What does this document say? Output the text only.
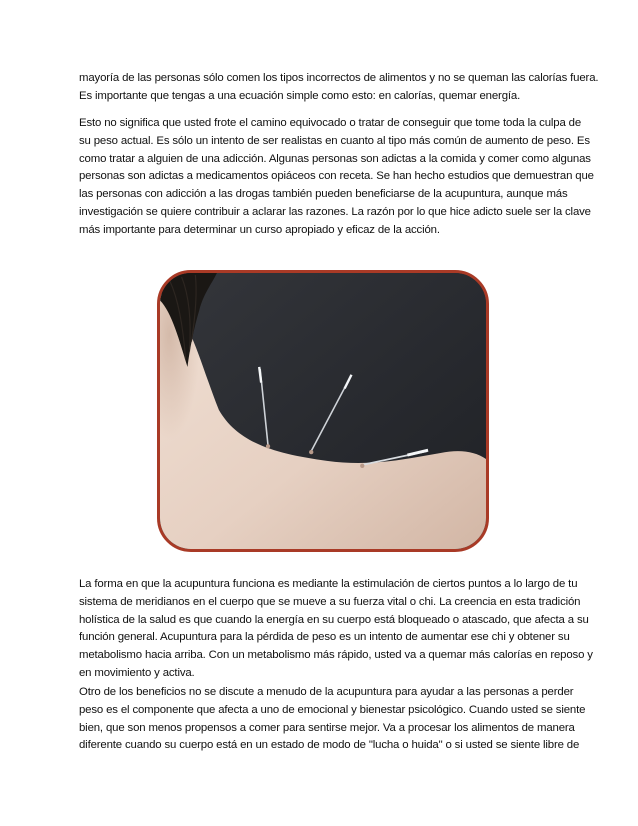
mayoría de las personas sólo comen los tipos incorrectos de alimentos y no se queman las calorías fuera.
Es importante que tengas a una ecuación simple como esto: en calorías, quemar energía.

Esto no significa que usted frote el camino equivocado o tratar de conseguir que tome toda la culpa de
su peso actual. Es sólo un intento de ser realistas en cuanto al tipo más común de aumento de peso. Es
como tratar a alguien de una adicción. Algunas personas son adictas a la comida y comer como algunas
personas son adictas a medicamentos opiáceos con receta. Se han hecho estudios que demuestran que
las personas con adicción a las drogas también pueden beneficiarse de la acupuntura, aunque más
investigación se quiere contribuir a aclarar las razones. La razón por lo que hice adicto suele ser la clave
más importante para determinar un curso apropiado y eficaz de la acción.

La forma en que la acupuntura funciona es mediante la estimulación de ciertos puntos a lo largo de tu
sistema de meridianos en el cuerpo que se mueve a su fuerza vital o chi. La creencia en esta tradición
holística de la salud es que cuando la energía en su cuerpo está bloqueado o atascado, que afecta a su
función general. Acupuntura para la pérdida de peso es un intento de aumentar ese chi y obtener su
metabolismo hacia arriba. Con un metabolismo más rápido, usted va a quemar más calorías en reposo y
en movimiento y activa.

Otro de los beneficios no se discute a menudo de la acupuntura para ayudar a las personas a perder
peso es el componente que afecta a uno de emocional y bienestar psicológico. Cuando usted se siente
bien, que son menos propensos a comer para sentirse mejor. Va a procesar los alimentos de manera
diferente cuando su cuerpo está en un estado de modo de "lucha o huida" o si usted se siente libre de
